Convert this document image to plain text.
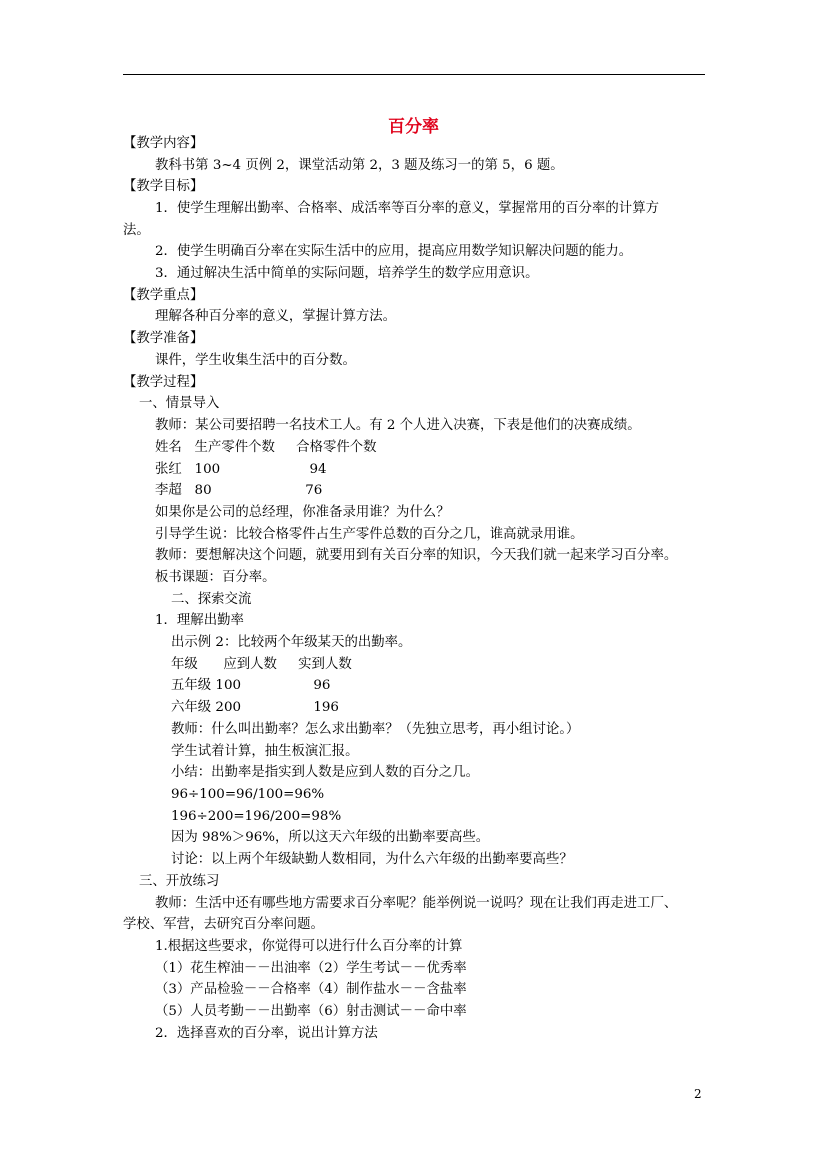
百分率
【教学内容】
教科书第 3~4 页例 2，课堂活动第 2，3 题及练习一的第 5，6 题。
【教学目标】
1．使学生理解出勤率、合格率、成活率等百分率的意义，掌握常用的百分率的计算方
法。
2．使学生明确百分率在实际生活中的应用，提高应用数学知识解决问题的能力。
3．通过解决生活中简单的实际问题，培养学生的数学应用意识。
【教学重点】
理解各种百分率的意义，掌握计算方法。
【教学准备】
课件，学生收集生活中的百分数。
【教学过程】
一、情景导入
教师：某公司要招聘一名技术工人。有 2 个人进入决赛，下表是他们的决赛成绩。
姓名   生产零件个数     合格零件个数
张红   100                     94
李超   80                      76
如果你是公司的总经理，你准备录用谁？为什么？
引导学生说：比较合格零件占生产零件总数的百分之几，谁高就录用谁。
教师：要想解决这个问题，就要用到有关百分率的知识，今天我们就一起来学习百分率。
板书课题：百分率。
二、探索交流
1．理解出勤率
出示例 2：比较两个年级某天的出勤率。
年级      应到人数     实到人数
五年级 100                 96
六年级 200                 196
教师：什么叫出勤率？怎么求出勤率？（先独立思考，再小组讨论。）
学生试着计算，抽生板演汇报。
小结：出勤率是指实到人数是应到人数的百分之几。
96÷100=96/100=96%
196÷200=196/200=98%
因为 98%＞96%，所以这天六年级的出勤率要高些。
讨论：以上两个年级缺勤人数相同，为什么六年级的出勤率要高些？
三、开放练习
教师：生活中还有哪些地方需要求百分率呢？能举例说一说吗？现在让我们再走进工厂、
学校、军营，去研究百分率问题。
1.根据这些要求，你觉得可以进行什么百分率的计算
（1）花生榨油－－出油率（2）学生考试－－优秀率
（3）产品检验－－合格率（4）制作盐水－－含盐率
（5）人员考勤－－出勤率（6）射击测试－－命中率
2．选择喜欢的百分率，说出计算方法
2
